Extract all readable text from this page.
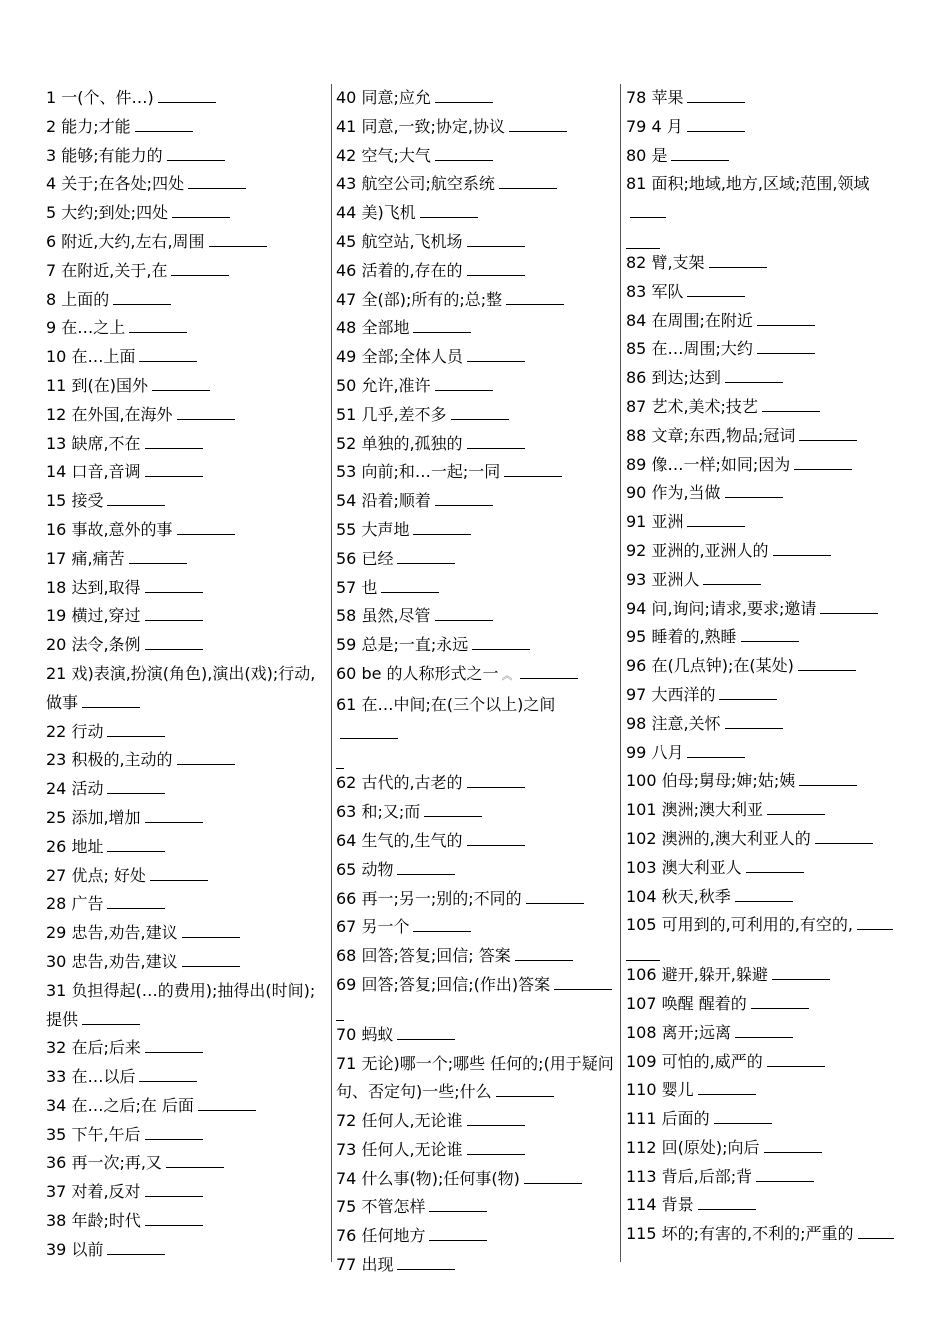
1 一(个、件…)
2 能力;才能
3 能够;有能力的
4 关于;在各处;四处
5 大约;到处;四处
6 附近,大约,左右,周围
7 在附近,关于,在
8 上面的
9 在…之上
10 在…上面
11 到(在)国外
12 在外国,在海外
13 缺席,不在
14 口音,音调
15 接受
16 事故,意外的事
17 痛,痛苦
18 达到,取得
19 横过,穿过
20 法令,条例
21 戏)表演,扮演(角色),演出(戏);行动,做事
22 行动
23 积极的,主动的
24 活动
25 添加,增加
26 地址
27 优点; 好处
28 广告
29 忠告,劝告,建议
30 忠告,劝告,建议
31 负担得起(…的费用);抽得出(时间);提供
32 在后;后来
33 在…以后
34 在…之后;在 后面
35 下午,午后
36 再一次;再,又
37 对着,反对
38 年龄;时代
39 以前
40 同意;应允
41 同意,一致;协定,协议
42 空气;大气
43 航空公司;航空系统
44 美)飞机
45 航空站,飞机场
46 活着的,存在的
47 全(部);所有的;总;整
48 全部地
49 全部;全体人员
50 允许,准许
51 几乎,差不多
52 单独的,孤独的
53 向前;和…一起;一同
54 沿着;顺着
55 大声地
56 已经
57 也
58 虽然,尽管
59 总是;一直;永远
60 be 的人称形式之一 ︽
61 在…中间;在(三个以上)之间
62 古代的,古老的
63 和;又;而
64 生气的,生气的
65 动物
66 再一;另一;别的;不同的
67 另一个
68 回答;答复;回信; 答案
69 回答;答复;回信;(作出)答案
70 蚂蚁
71 无论)哪一个;哪些 任何的;(用于疑问句、否定句)一些;什么
72 任何人,无论谁
73 任何人,无论谁
74 什么事(物);任何事(物)
75 不管怎样
76 任何地方
77 出现
78 苹果
79 4 月
80 是
81 面积;地域,地方,区域;范围,领域
82 臂,支架
83 军队
84 在周围;在附近
85 在…周围;大约
86 到达;达到
87 艺术,美术;技艺
88 文章;东西,物品;冠词
89 像…一样;如同;因为
90 作为,当做
91 亚洲
92 亚洲的,亚洲人的
93 亚洲人
94 问,询问;请求,要求;邀请
95 睡着的,熟睡
96 在(几点钟);在(某处)
97 大西洋的
98 注意,关怀
99 八月
100 伯母;舅母;婶;姑;姨
101 澳洲;澳大利亚
102 澳洲的,澳大利亚人的
103 澳大利亚人
104 秋天,秋季
105 可用到的,可利用的,有空的,
106 避开,躲开,躲避
107 唤醒 醒着的
108 离开;远离
109 可怕的,威严的
110 婴儿
111 后面的
112 回(原处);向后
113 背后,后部;背
114 背景
115 坏的;有害的,不利的;严重的
